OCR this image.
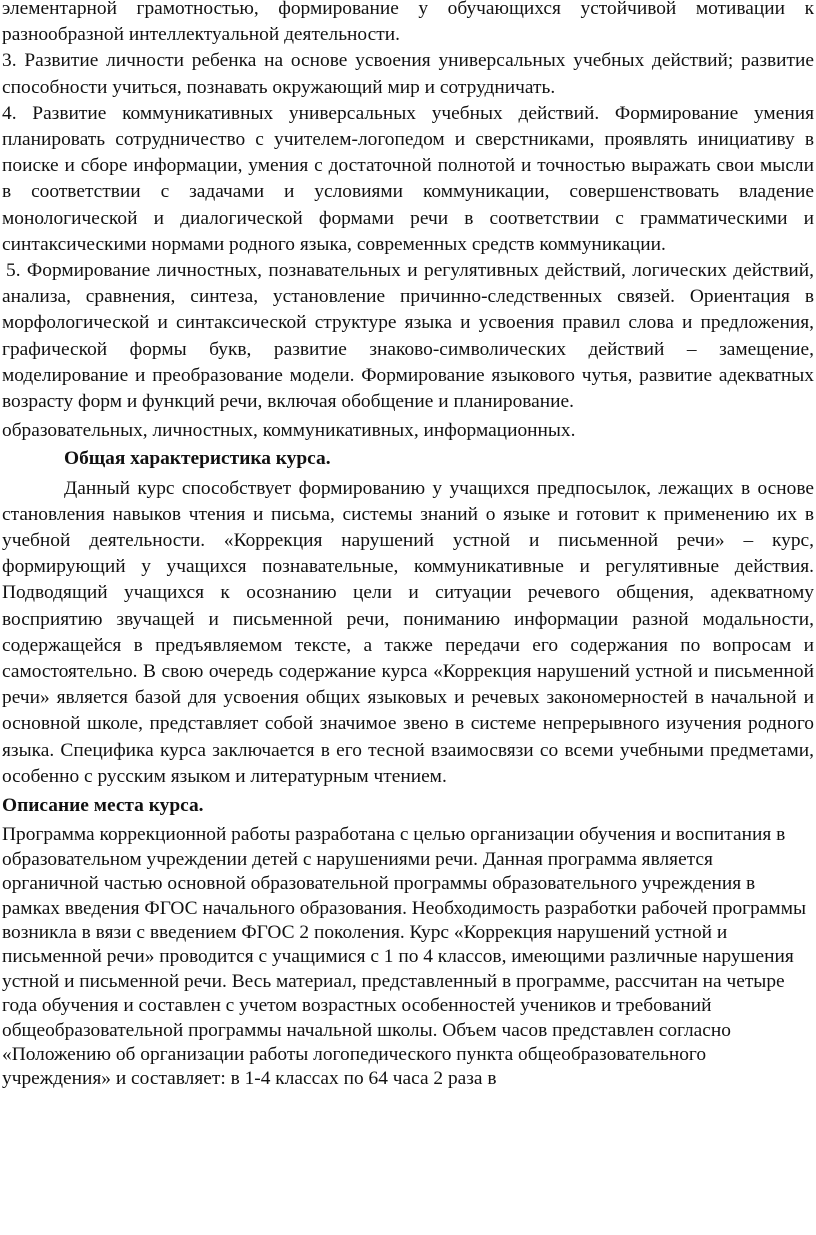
элементарной грамотностью, формирование у обучающихся устойчивой мотивации к разнообразной интеллектуальной деятельности.

3. Развитие личности ребенка на основе усвоения универсальных учебных действий; развитие способности учиться, познавать окружающий мир и сотрудничать.

4. Развитие коммуникативных универсальных учебных действий. Формирование умения планировать сотрудничество с учителем-логопедом и сверстниками, проявлять инициативу в поиске и сборе информации, умения с достаточной полнотой и точностью выражать свои мысли в соответствии с задачами и условиями коммуникации, совершенствовать владение монологической и диалогической формами речи в соответствии с грамматическими и синтаксическими нормами родного языка, современных средств коммуникации.

5. Формирование личностных, познавательных и регулятивных действий, логических действий, анализа, сравнения, синтеза, установление причинно-следственных связей. Ориентация в морфологической и синтаксической структуре языка и усвоения правил слова и предложения, графической формы букв, развитие знаково-символических действий – замещение, моделирование и преобразование модели. Формирование языкового чутья, развитие адекватных возрасту форм и функций речи, включая обобщение и планирование.

образовательных, личностных, коммуникативных, информационных.

Общая характеристика курса.

Данный курс способствует формированию у учащихся предпосылок, лежащих в основе становления навыков чтения и письма, системы знаний о языке и готовит к применению их в учебной деятельности. «Коррекция нарушений устной и письменной речи» – курс, формирующий у учащихся познавательные, коммуникативные и регулятивные действия. Подводящий учащихся к осознанию цели и ситуации речевого общения, адекватному восприятию звучащей и письменной речи, пониманию информации разной модальности, содержащейся в предъявляемом тексте, а также передачи его содержания по вопросам и самостоятельно. В свою очередь содержание курса «Коррекция нарушений устной и письменной речи» является базой для усвоения общих языковых и речевых закономерностей в начальной и основной школе, представляет собой значимое звено в системе непрерывного изучения родного языка. Специфика курса заключается в его тесной взаимосвязи со всеми учебными предметами, особенно с русским языком и литературным чтением.

Описание места курса.

Программа коррекционной работы разработана с целью организации обучения и воспитания в образовательном учреждении детей с нарушениями речи. Данная программа является органичной частью основной образовательной программы образовательного учреждения в рамках введения ФГОС начального образования. Необходимость разработки рабочей программы возникла в вязи с введением ФГОС 2 поколения. Курс «Коррекция нарушений устной и письменной речи» проводится с учащимися с 1 по 4 классов, имеющими различные нарушения устной и письменной речи. Весь материал, представленный в программе, рассчитан на четыре года обучения и составлен с учетом возрастных особенностей учеников и требований общеобразовательной программы начальной школы. Объем часов представлен согласно «Положению об организации работы логопедического пункта общеобразовательного учреждения» и составляет: в 1-4 классах по 64 часа 2 раза в
